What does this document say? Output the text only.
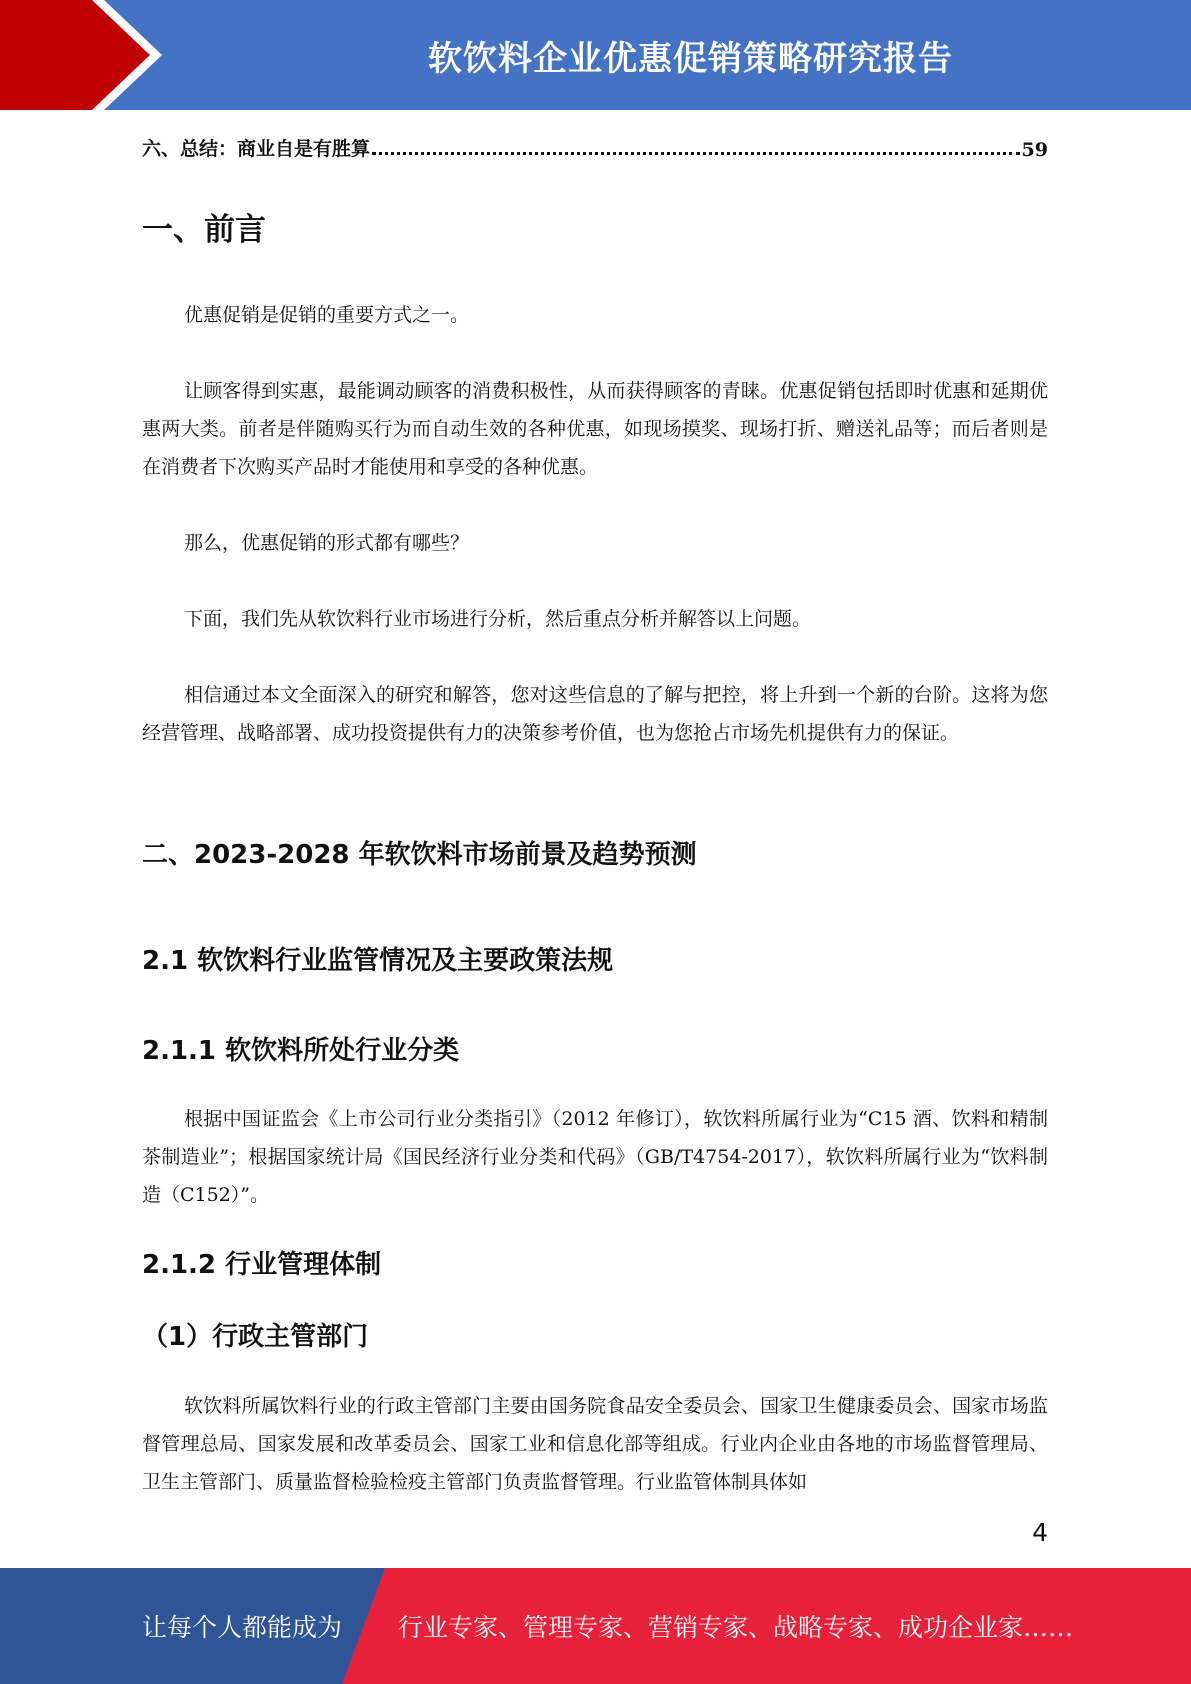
软饮料企业优惠促销策略研究报告
六、总结：商业自是有胜算	59
一、前言

优惠促销是促销的重要方式之一。

让顾客得到实惠，最能调动顾客的消费积极性，从而获得顾客的青睐。优惠促销包括即时优惠和延期优惠两大类。前者是伴随购买行为而自动生效的各种优惠，如现场摸奖、现场打折、赠送礼品等；而后者则是在消费者下次购买产品时才能使用和享受的各种优惠。

那么，优惠促销的形式都有哪些？

下面，我们先从软饮料行业市场进行分析，然后重点分析并解答以上问题。

相信通过本文全面深入的研究和解答，您对这些信息的了解与把控，将上升到一个新的台阶。这将为您经营管理、战略部署、成功投资提供有力的决策参考价值，也为您抢占市场先机提供有力的保证。

二、2023-2028 年软饮料市场前景及趋势预测
2.1 软饮料行业监管情况及主要政策法规
2.1.1 软饮料所处行业分类

根据中国证监会《上市公司行业分类指引》（2012 年修订），软饮料所属行业为“C15 酒、饮料和精制茶制造业”；根据国家统计局《国民经济行业分类和代码》（GB/T4754-2017），软饮料所属行业为“饮料制造（C152）”。

2.1.2 行业管理体制
（1）行政主管部门

软饮料所属饮料行业的行政主管部门主要由国务院食品安全委员会、国家卫生健康委员会、国家市场监督管理总局、国家发展和改革委员会、国家工业和信息化部等组成。行业内企业由各地的市场监督管理局、卫生主管部门、质量监督检验检疫主管部门负责监督管理。行业监管体制具体如

4
让每个人都能成为 行业专家、管理专家、营销专家、战略专家、成功企业家……
